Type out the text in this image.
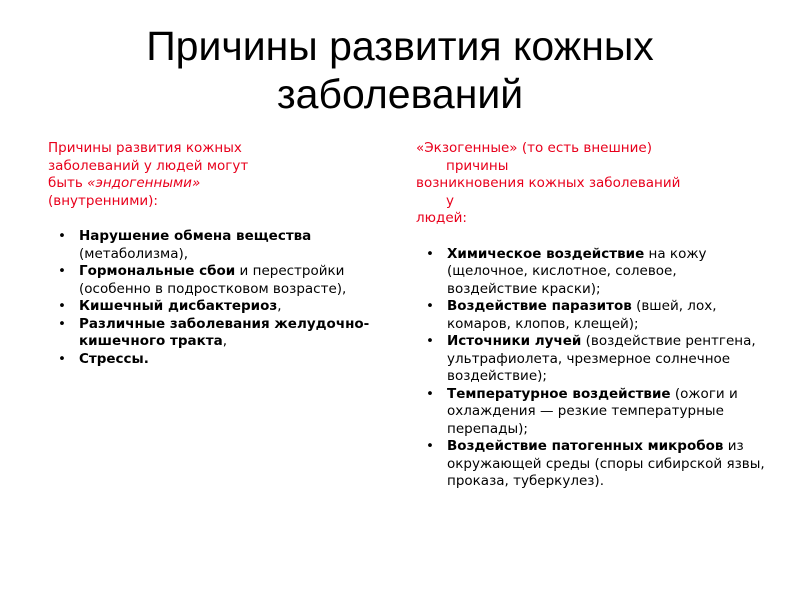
Причины развития кожных
заболеваний
Причины развития кожных
заболеваний у людей могут
быть «эндогенными»
(внутренними):
• Нарушение обмена вещества (метаболизма),
• Гормональные сбои и перестройки (особенно в подростковом возрасте),
• Кишечный дисбактериоз,
• Различные заболевания желудочно-кишечного тракта,
• Стрессы.
«Экзогенные» (то есть внешние)
причины
возникновения кожных заболеваний
у
людей:
• Химическое воздействие на кожу (щелочное, кислотное, солевое, воздействие краски);
• Воздействие паразитов (вшей, лох, комаров, клопов, клещей);
• Источники лучей (воздействие рентгена, ультрафиолета, чрезмерное солнечное воздействие);
• Температурное воздействие (ожоги и охлаждения — резкие температурные перепады);
• Воздействие патогенных микробов из окружающей среды (споры сибирской язвы, проказа, туберкулез).
